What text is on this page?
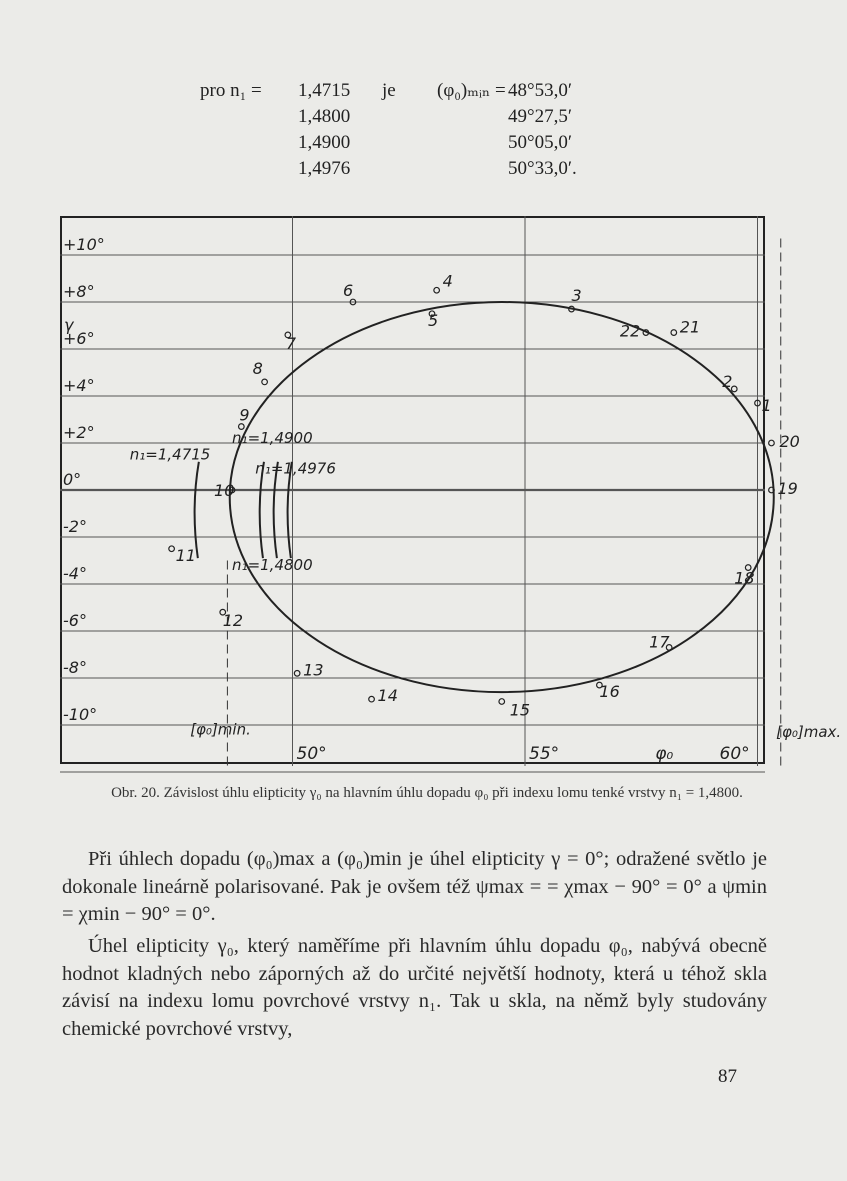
pro n₁ = 1,4715 je (φ₀)ₘᵢₙ = 48°53,0′
1,4800	49°27,5′
1,4900	50°05,0′
1,4976	50°33,0′.
+10°
+8°
+6°
+4°
+2°
0°
-2°
-4°
-6°
-8°
-10°
γ
50°	55°	60°
φ₀
n₁=1,4715
n₁=1,4900
n₁=1,4976
n₁=1,4800
[φ₀]min.	[φ₀]max.
1
2
3
4
5
6
7
8
9
10
11
12
13
14
15
16
17
18
19
20
21
22
Obr. 20. Závislost úhlu elipticity γ₀ na hlavním úhlu dopadu φ₀ při indexu lomu tenké vrstvy n₁ = 1,4800.
Při úhlech dopadu (φ₀)max a (φ₀)min je úhel elipticity γ = 0°; odražené světlo je dokonale lineárně polarisované. Pak je ovšem též ψmax = = χmax − 90° = 0° a ψmin = χmin − 90° = 0°.
Úhel elipticity γ₀, který naměříme při hlavním úhlu dopadu φ₀, nabývá obecně hodnot kladných nebo záporných až do určité největší hodnoty, která u téhož skla závisí na indexu lomu povrchové vrstvy n₁. Tak u skla, na němž byly studovány chemické povrchové vrstvy,
87
